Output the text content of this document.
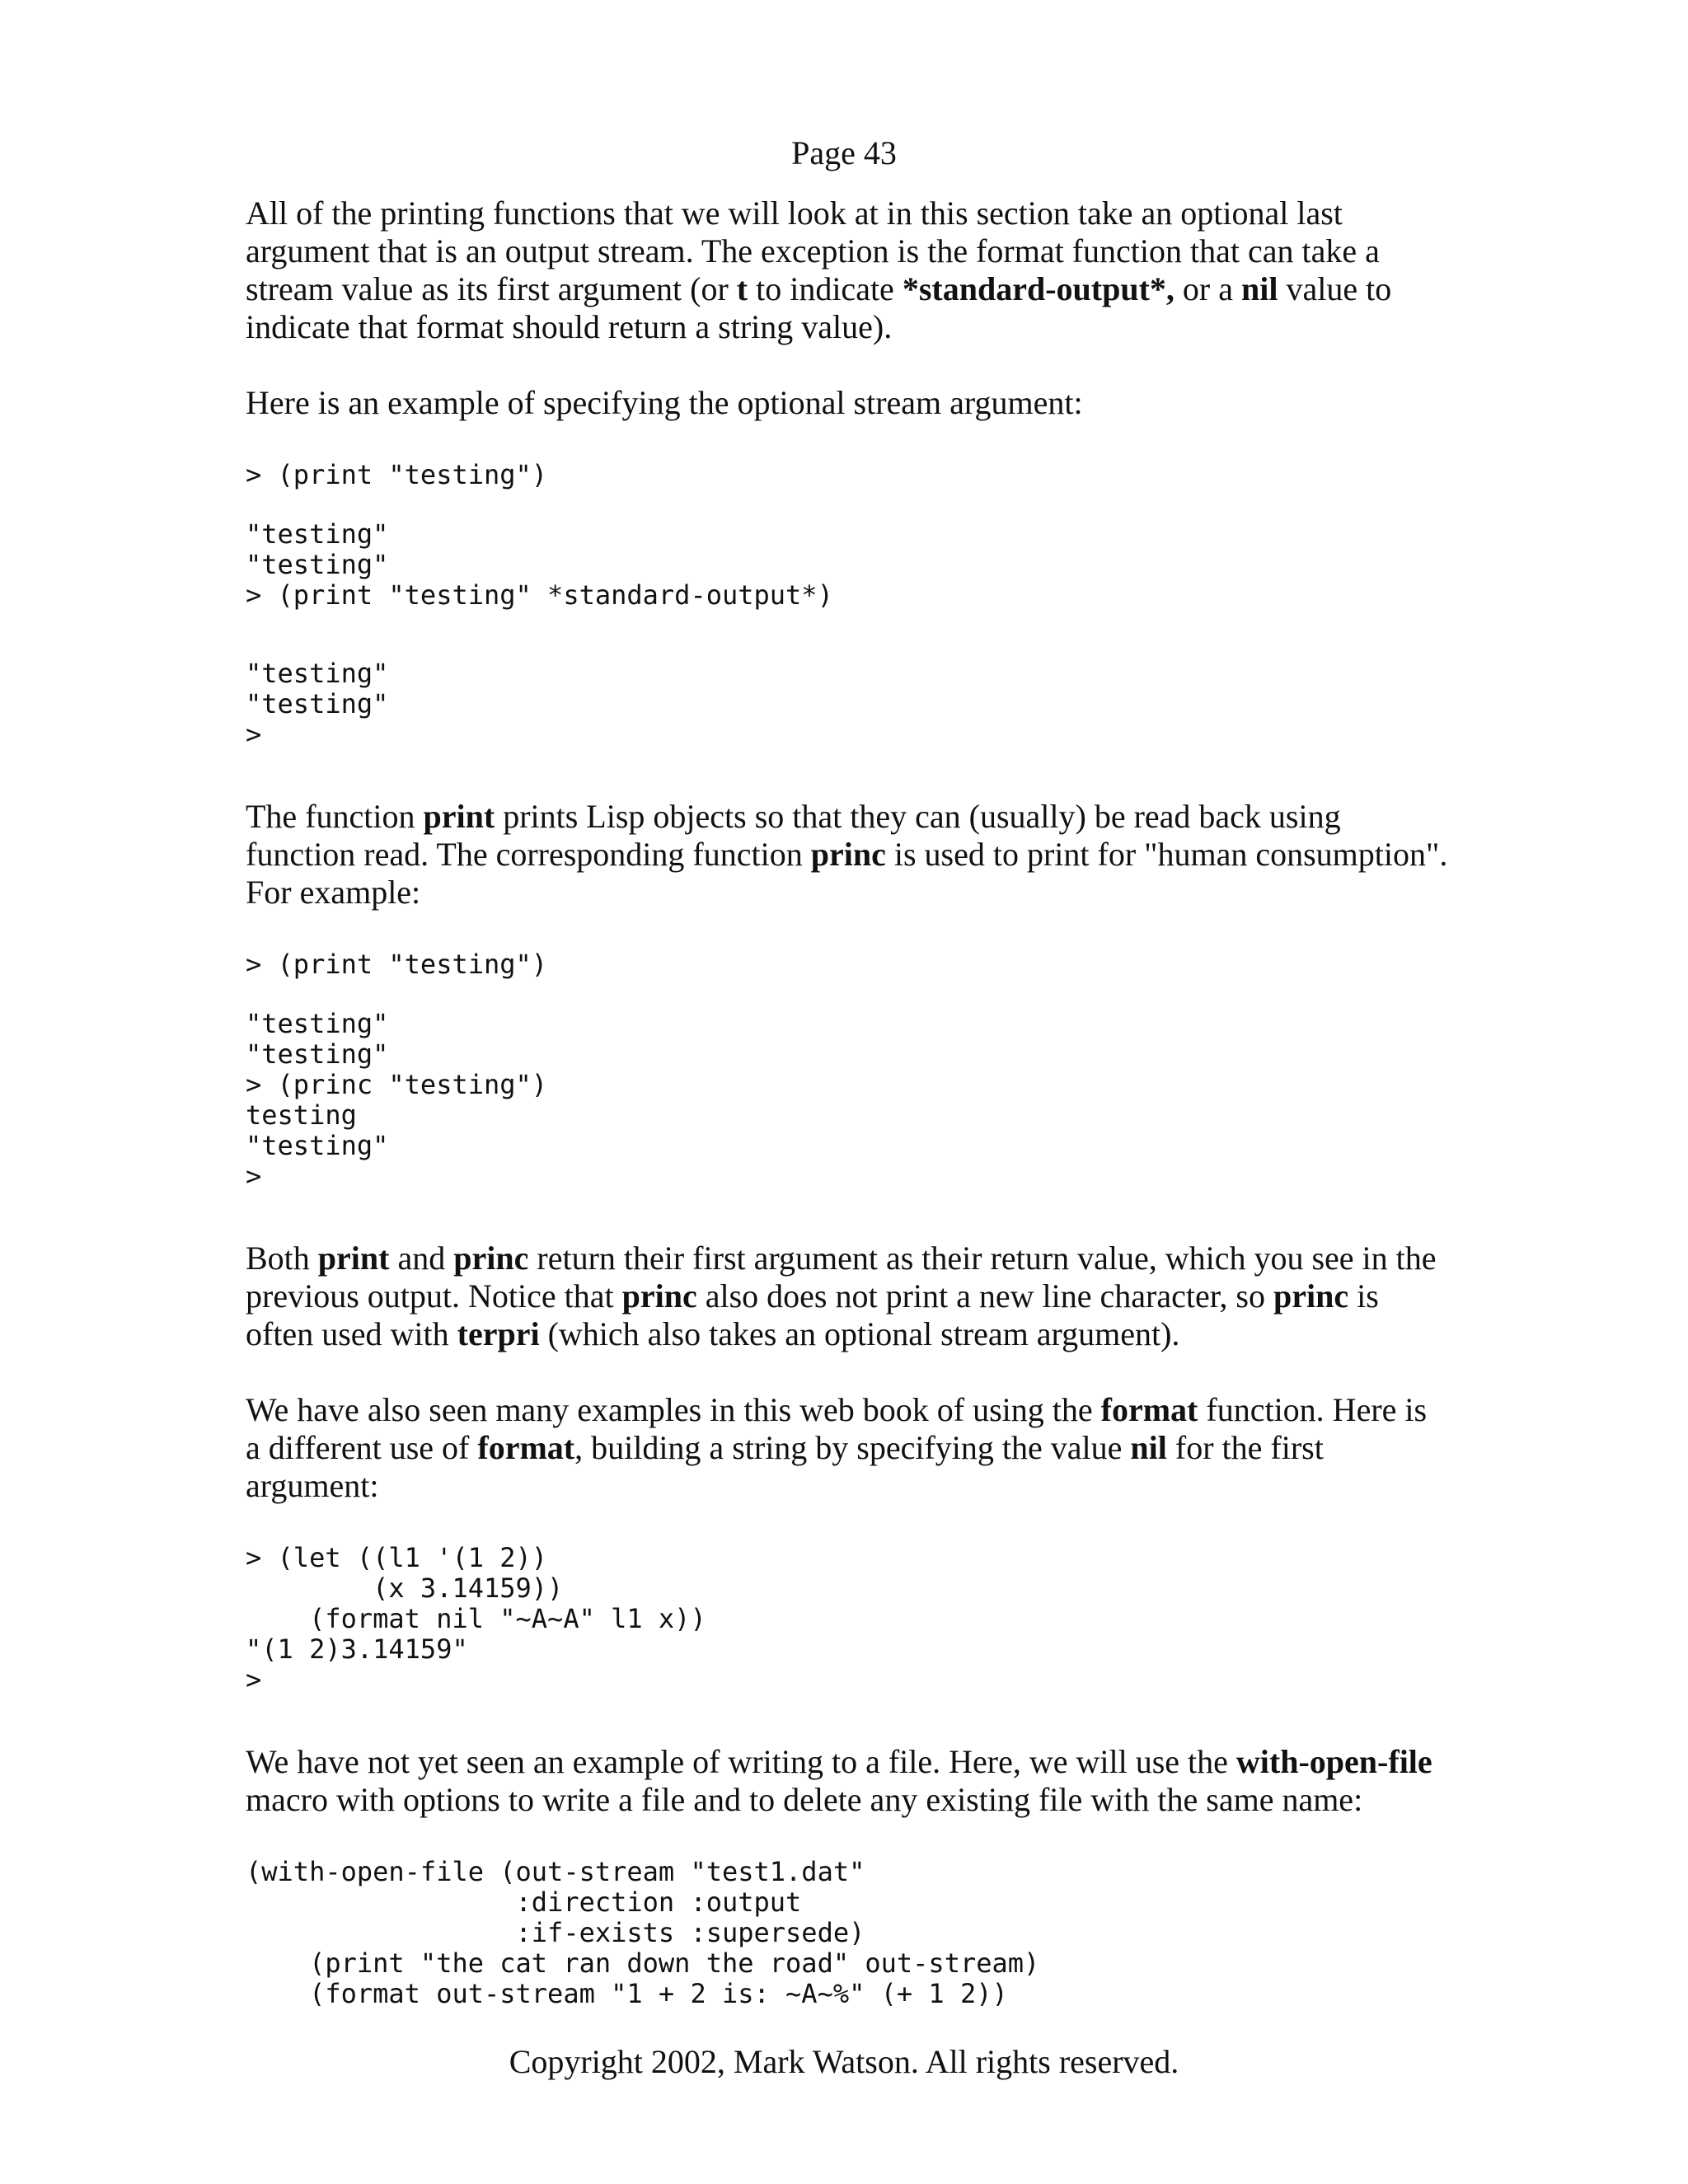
Page 43

All of the printing functions that we will look at in this section take an optional last argument that is an output stream. The exception is the format function that can take a stream value as its first argument (or t to indicate *standard-output*, or a nil value to indicate that format should return a string value).

Here is an example of specifying the optional stream argument:

> (print "testing")
"testing"
"testing"
> (print "testing" *standard-output*)
"testing"
"testing"
>

The function print prints Lisp objects so that they can (usually) be read back using function read. The corresponding function princ is used to print for "human consumption". For example:

> (print "testing")
"testing"
"testing"
> (princ "testing")
testing
"testing"
>

Both print and princ return their first argument as their return value, which you see in the previous output. Notice that princ also does not print a new line character, so princ is often used with terpri (which also takes an optional stream argument).

We have also seen many examples in this web book of using the format function. Here is a different use of format, building a string by specifying the value nil for the first argument:

> (let ((l1 '(1 2))
(x 3.14159))
(format nil "~A~A" l1 x))
"(1 2)3.14159"
>

We have not yet seen an example of writing to a file. Here, we will use the with-open-file macro with options to write a file and to delete any existing file with the same name:

(with-open-file (out-stream "test1.dat"
:direction :output
:if-exists :supersede)
(print "the cat ran down the road" out-stream)
(format out-stream "1 + 2 is: ~A~%" (+ 1 2))
Copyright 2002, Mark Watson. All rights reserved.
